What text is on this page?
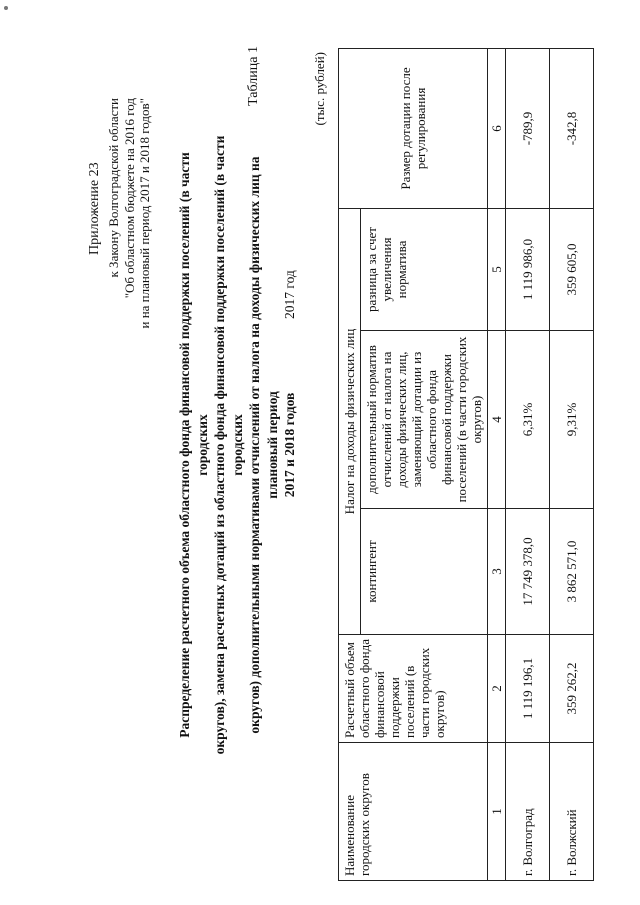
Приложение 23 к Закону Волгоградской области "Об областном бюджете на 2016 год и на плановый период 2017 и 2018 годов" Распределение расчетного объема областного фонда финансовой поддержки поселений (в части городских округов), замена расчетных дотаций из областного фонда финансовой поддержки поселений (в части городских округов) дополнительными нормативами отчислений от налога на доходы физических лиц на плановый период 2017 и 2018 годов
Таблица 1
2017 год
(тыс. рублей)
Наименование городских округов	Расчетный объем областного фонда финансовой поддержки поселений (в части городских округов)	Налог на доходы физических лиц			Размер дотации после регулирования
		контингент	дополнительный норматив отчислений от налога на доходы физических лиц, заменяющий дотации из областного фонда финансовой поддержки поселений (в части городских округов)	разница за счет увеличения норматива	
1	2	3	4	5	6
г. Волгоград	1 119 196,1	17 749 378,0	6,31%	1 119 986,0	-789,9
г. Волжский	359 262,2	3 862 571,0	9,31%	359 605,0	-342,8
